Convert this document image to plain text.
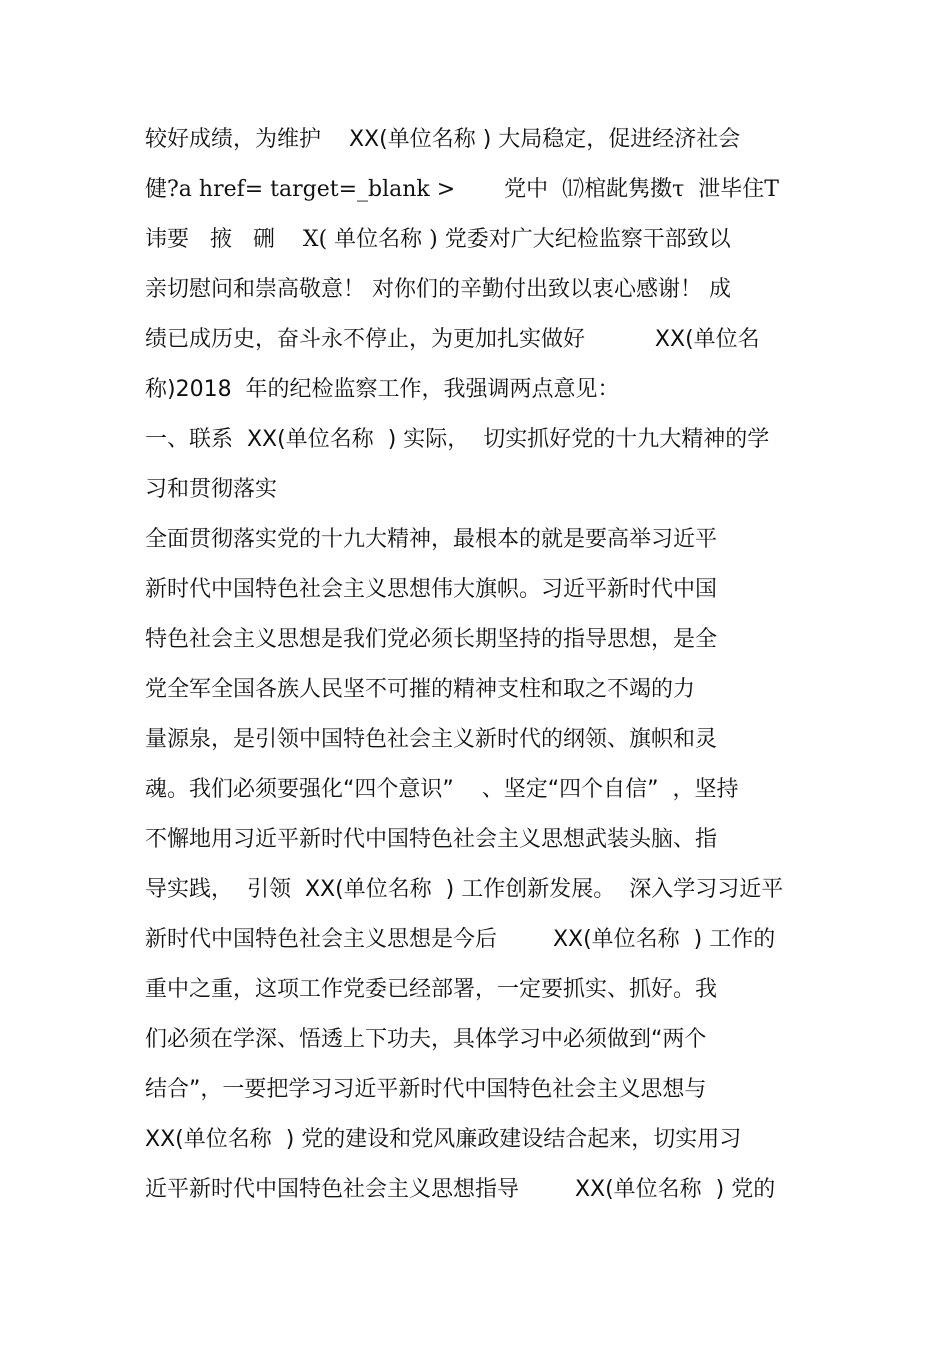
较好成绩，为维护    XX(单位名称 ) 大局稳定，促进经济社会
健?a href= target=_blank >       党中  ⒄棺龀隽擞τ  泄毕住T
讳要   掖   硎    X( 单位名称 ) 党委对广大纪检监察干部致以
亲切慰问和崇高敬意！ 对你们的辛勤付出致以衷心感谢！ 成
绩已成历史，奋斗永不停止，为更加扎实做好          XX(单位名
称)2018  年的纪检监察工作，我强调两点意见：
一、联系  XX(单位名称  ) 实际，  切实抓好党的十九大精神的学
习和贯彻落实
全面贯彻落实党的十九大精神，最根本的就是要高举习近平
新时代中国特色社会主义思想伟大旗帜。习近平新时代中国
特色社会主义思想是我们党必须长期坚持的指导思想，是全
党全军全国各族人民坚不可摧的精神支柱和取之不竭的力
量源泉，是引领中国特色社会主义新时代的纲领、旗帜和灵
魂。我们必须要强化“四个意识”    、坚定“四个自信”  ，坚持
不懈地用习近平新时代中国特色社会主义思想武装头脑、指
导实践，  引领  XX(单位名称  ) 工作创新发展。  深入学习习近平
新时代中国特色社会主义思想是今后        XX(单位名称  ) 工作的
重中之重，这项工作党委已经部署，一定要抓实、抓好。我
们必须在学深、悟透上下功夫，具体学习中必须做到“两个
结合”，一要把学习习近平新时代中国特色社会主义思想与
XX(单位名称  ) 党的建设和党风廉政建设结合起来，切实用习
近平新时代中国特色社会主义思想指导        XX(单位名称  ) 党的
